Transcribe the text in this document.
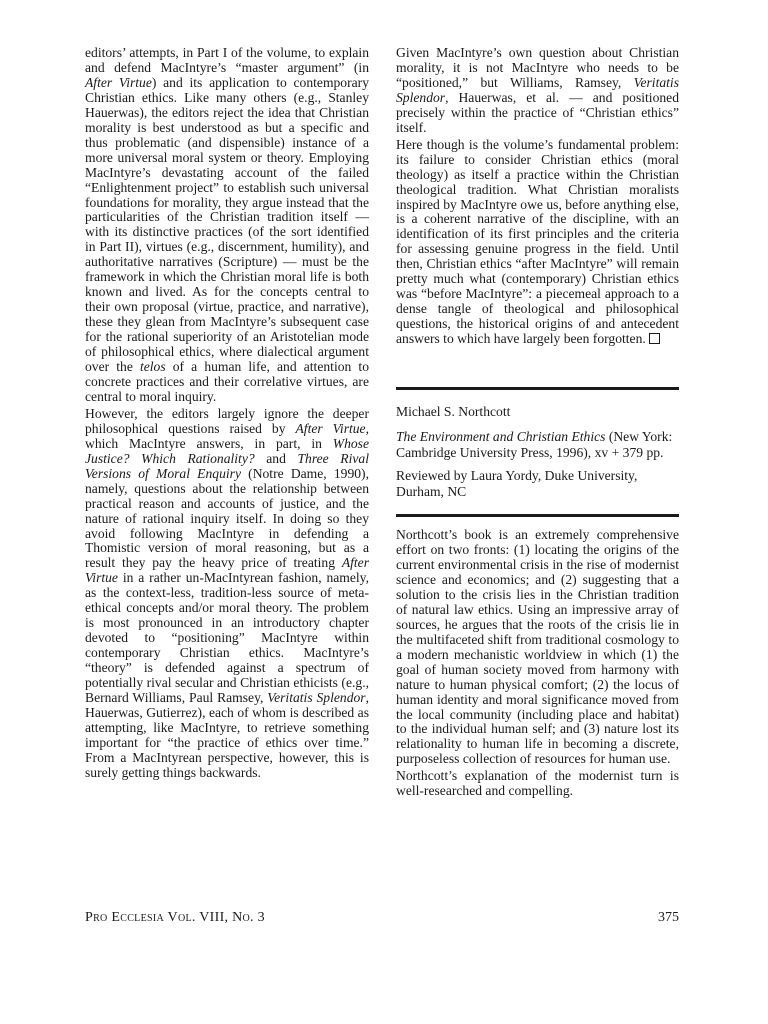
editors’ attempts, in Part I of the volume, to explain and defend MacIntyre’s “master argument” (in After Virtue) and its application to contemporary Christian ethics. Like many others (e.g., Stanley Hauerwas), the editors reject the idea that Christian morality is best understood as but a specific and thus problematic (and dispensible) instance of a more universal moral system or theory. Employing MacIntyre’s devastating account of the failed “Enlightenment project” to establish such universal foundations for morality, they argue instead that the particularities of the Christian tradition itself — with its distinctive practices (of the sort identified in Part II), virtues (e.g., discernment, humility), and authoritative narratives (Scripture) — must be the framework in which the Christian moral life is both known and lived. As for the concepts central to their own proposal (virtue, practice, and narrative), these they glean from MacIntyre’s subsequent case for the rational superiority of an Aristotelian mode of philosophical ethics, where dialectical argument over the telos of a human life, and attention to concrete practices and their correlative virtues, are central to moral inquiry.

However, the editors largely ignore the deeper philosophical questions raised by After Virtue, which MacIntyre answers, in part, in Whose Justice? Which Rationality? and Three Rival Versions of Moral Enquiry (Notre Dame, 1990), namely, questions about the relationship between practical reason and accounts of justice, and the nature of rational inquiry itself. In doing so they avoid following MacIntyre in defending a Thomistic version of moral reasoning, but as a result they pay the heavy price of treating After Virtue in a rather un-MacIntyrean fashion, namely, as the context-less, tradition-less source of meta-ethical concepts and/or moral theory. The problem is most pronounced in an introductory chapter devoted to “positioning” MacIntyre within contemporary Christian ethics. MacIntyre’s “theory” is defended against a spectrum of potentially rival secular and Christian ethicists (e.g., Bernard Williams, Paul Ramsey, Veritatis Splendor, Hauerwas, Gutierrez), each of whom is described as attempting, like MacIntyre, to retrieve something important for “the practice of ethics over time.” From a MacIntyrean perspective, however, this is surely getting things backwards.

Given MacIntyre’s own question about Christian morality, it is not MacIntyre who needs to be “positioned,” but Williams, Ramsey, Veritatis Splendor, Hauerwas, et al. — and positioned precisely within the practice of “Christian ethics” itself.

Here though is the volume’s fundamental problem: its failure to consider Christian ethics (moral theology) as itself a practice within the Christian theological tradition. What Christian moralists inspired by MacIntyre owe us, before anything else, is a coherent narrative of the discipline, with an identification of its first principles and the criteria for assessing genuine progress in the field. Until then, Christian ethics “after MacIntyre” will remain pretty much what (contemporary) Christian ethics was “before MacIntyre”: a piecemeal approach to a dense tangle of theological and philosophical questions, the historical origins of and antecedent answers to which have largely been forgotten.

Michael S. Northcott

The Environment and Christian Ethics (New York: Cambridge University Press, 1996), xv + 379 pp.

Reviewed by Laura Yordy, Duke University, Durham, NC

Northcott’s book is an extremely comprehensive effort on two fronts: (1) locating the origins of the current environmental crisis in the rise of modernist science and economics; and (2) suggesting that a solution to the crisis lies in the Christian tradition of natural law ethics. Using an impressive array of sources, he argues that the roots of the crisis lie in the multifaceted shift from traditional cosmology to a modern mechanistic worldview in which (1) the goal of human society moved from harmony with nature to human physical comfort; (2) the locus of human identity and moral significance moved from the local community (including place and habitat) to the individual human self; and (3) nature lost its relationality to human life in becoming a discrete, purposeless collection of resources for human use.

Northcott’s explanation of the modernist turn is well-researched and compelling.

Pro Ecclesia Vol. VIII, No. 3	375
